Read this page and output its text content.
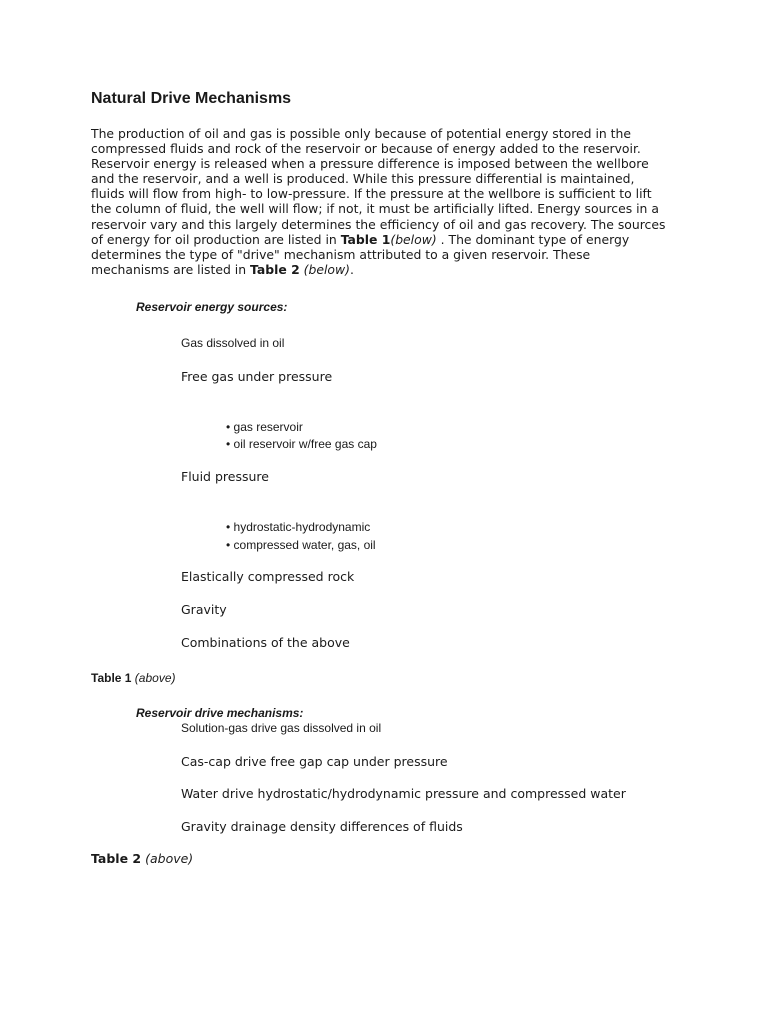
Natural Drive Mechanisms
The production of oil and gas is possible only because of potential energy stored in the
compressed fluids and rock of the reservoir or because of energy added to the reservoir.
Reservoir energy is released when a pressure difference is imposed between the wellbore
and the reservoir, and a well is produced. While this pressure differential is maintained,
fluids will flow from high- to low-pressure. If the pressure at the wellbore is sufficient to lift
the column of fluid, the well will flow; if not, it must be artificially lifted. Energy sources in a
reservoir vary and this largely determines the efficiency of oil and gas recovery. The sources
of energy for oil production are listed in Table 1(below) . The dominant type of energy
determines the type of "drive" mechanism attributed to a given reservoir. These
mechanisms are listed in Table 2 (below).
Reservoir energy sources:
Gas dissolved in oil
Free gas under pressure
• gas reservoir
• oil reservoir w/free gas cap
Fluid pressure
• hydrostatic-hydrodynamic
• compressed water, gas, oil
Elastically compressed rock
Gravity
Combinations of the above
Table 1 (above)
Reservoir drive mechanisms:
Solution-gas drive gas dissolved in oil
Cas-cap drive free gap cap under pressure
Water drive hydrostatic/hydrodynamic pressure and compressed water
Gravity drainage density differences of fluids
Table 2 (above)
